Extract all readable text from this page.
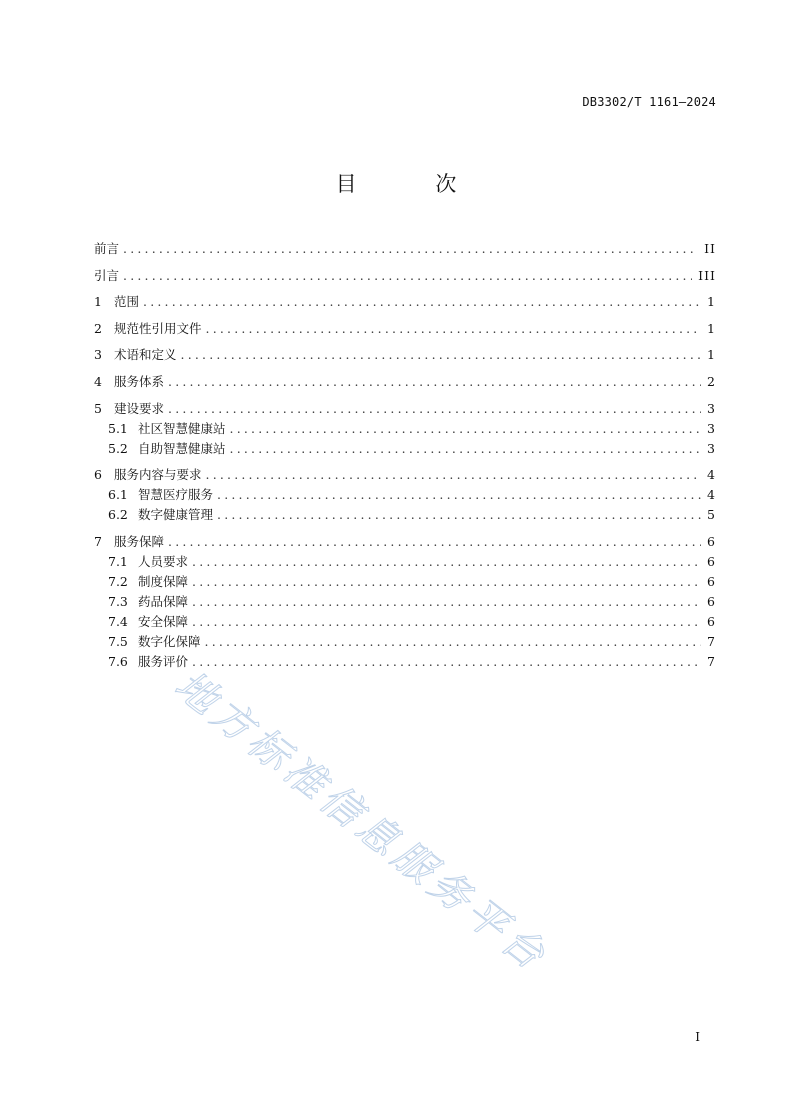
DB3302/T 1161—2024
目 次
前言 .....	II
引言 .....	III
1 范围 .....	1
2 规范性引用文件 .....	1
3 术语和定义 .....	1
4 服务体系 .....	2
5 建设要求 .....	3
5.1 社区智慧健康站 .....	3
5.2 自助智慧健康站 .....	3
6 服务内容与要求 .....	4
6.1 智慧医疗服务 .....	4
6.2 数字健康管理 .....	5
7 服务保障 .....	6
7.1 人员要求 .....	6
7.2 制度保障 .....	6
7.3 药品保障 .....	6
7.4 安全保障 .....	6
7.5 数字化保障 .....	7
7.6 服务评价 .....	7
地方标准信息服务平台
I
